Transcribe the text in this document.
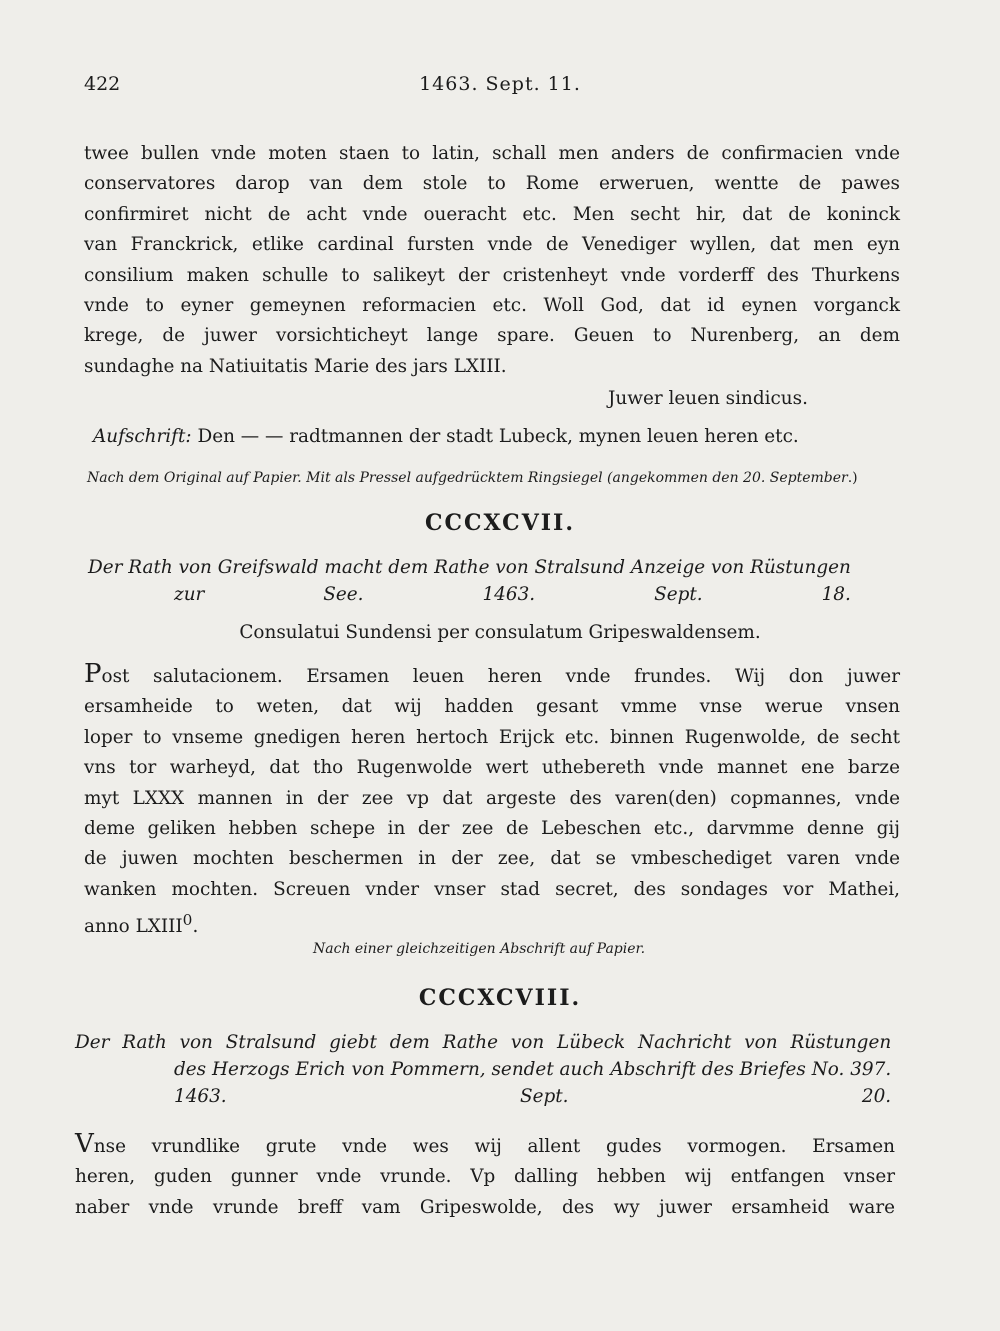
422	1463. Sept. 11.
twee bullen vnde moten staen to latin, schall men anders de confirmacien vnde
conservatores darop van dem stole to Rome erweruen, wentte de pawes
confirmiret nicht de acht vnde oueracht etc. Men secht hir, dat de koninck
van Franckrick, etlike cardinal fursten vnde de Venediger wyllen, dat men eyn
consilium maken schulle to salikeyt der cristenheyt vnde vorderff des Thurkens
vnde to eyner gemeynen reformacien etc. Woll God, dat id eynen vorganck
krege, de juwer vorsichticheyt lange spare. Geuen to Nurenberg, an dem
sundaghe na Natiuitatis Marie des jars LXIII.
Juwer leuen sindicus.
Aufschrift: Den — — radtmannen der stadt Lubeck, mynen leuen heren etc.
Nach dem Original auf Papier. Mit als Pressel aufgedrücktem Ringsiegel (angekommen den 20. September.)
CCCXCVII.
Der Rath von Greifswald macht dem Rathe von Stralsund Anzeige von Rüstungen
zur See. 1463. Sept. 18.
Consulatui Sundensi per consulatum Gripeswaldensem.
Post salutacionem. Ersamen leuen heren vnde frundes. Wij don juwer
ersamheide to weten, dat wij hadden gesant vmme vnse werue vnsen
loper to vnseme gnedigen heren hertoch Erijck etc. binnen Rugenwolde, de secht
vns tor warheyd, dat tho Rugenwolde wert uthebereth vnde mannet ene barze
myt LXXX mannen in der zee vp dat argeste des varen(den) copmannes, vnde
deme geliken hebben schepe in der zee de Lebeschen etc., darvmme denne gij
de juwen mochten beschermen in der zee, dat se vmbeschediget varen vnde
wanken mochten. Screuen vnder vnser stad secret, des sondages vor Mathei,
anno LXIII$^0$.
Nach einer gleichzeitigen Abschrift auf Papier.
CCCXCVIII.
Der Rath von Stralsund giebt dem Rathe von Lübeck Nachricht von Rüstungen
des Herzogs Erich von Pommern, sendet auch Abschrift des Briefes No. 397.
1463. Sept. 20.
Vnse vrundlike grute vnde wes wij allent gudes vormogen. Ersamen
heren, guden gunner vnde vrunde. Vp dalling hebben wij entfangen vnser
naber vnde vrunde breff vam Gripeswolde, des wy juwer ersamheid ware
